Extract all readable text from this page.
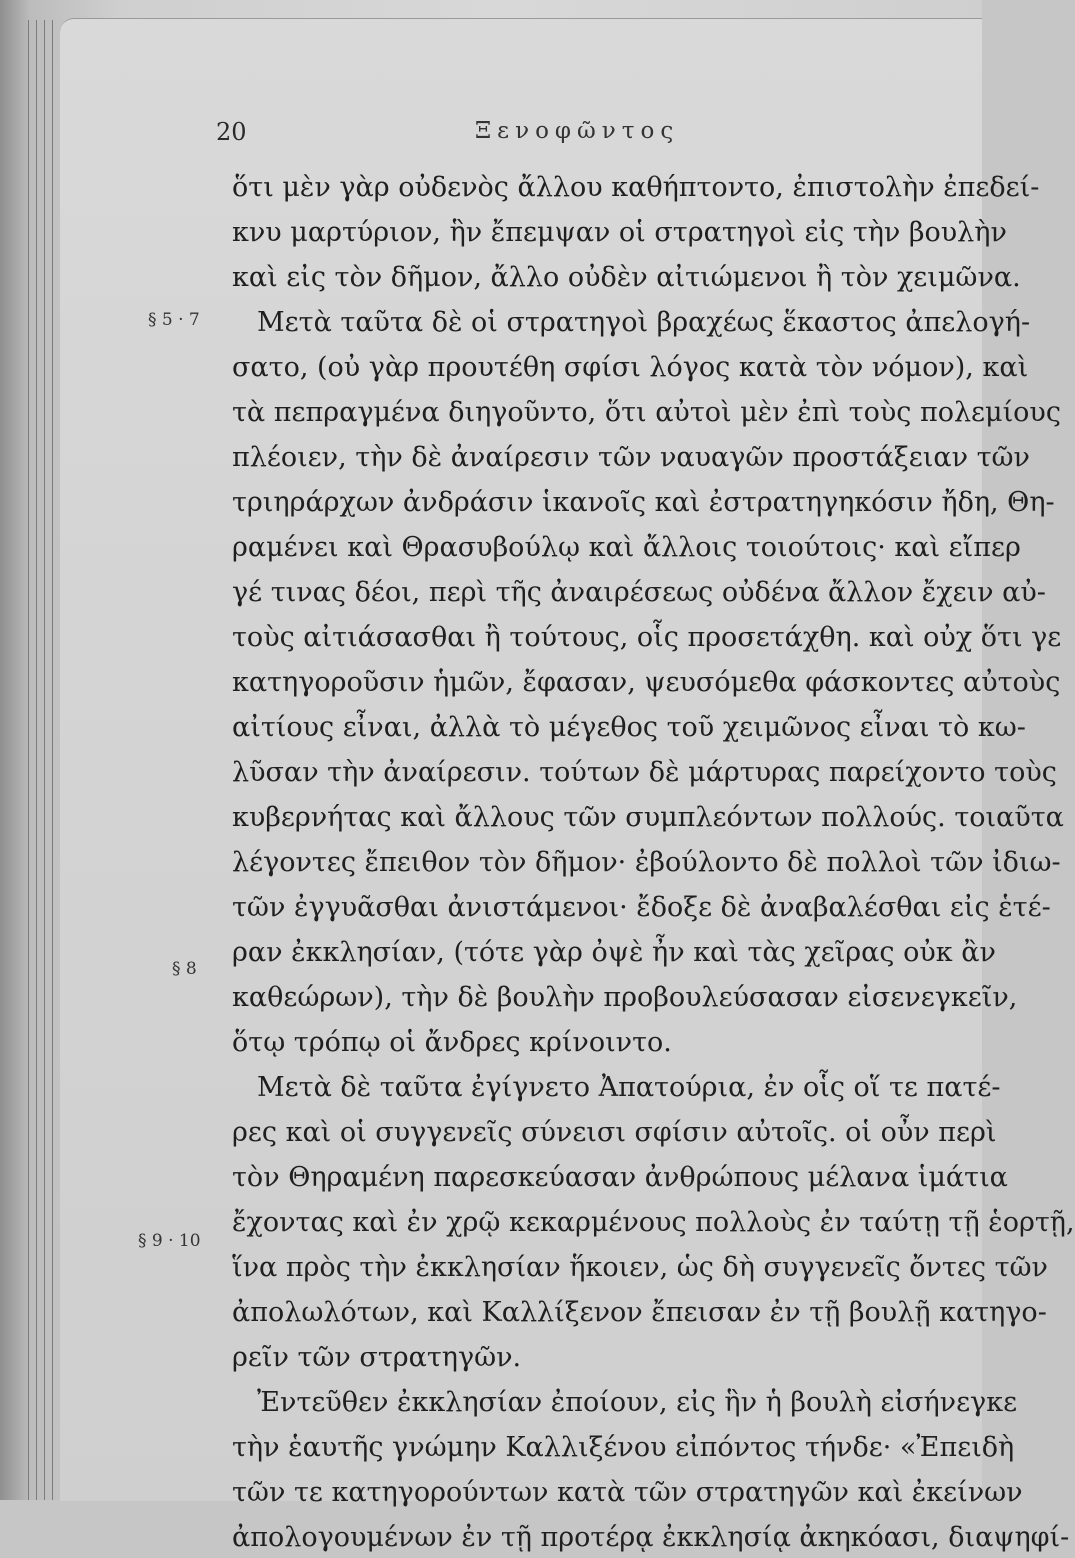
20	Ξενοφῶντος
§ 5 · 7
§ 8
§ 9 · 10
ὅτι μὲν γὰρ οὐδενὸς ἄλλου καθήπτοντο, ἐπιστολὴν ἐπεδεί-
κνυ μαρτύριον, ἣν ἔπεμψαν οἱ στρατηγοὶ εἰς τὴν βουλὴν
καὶ εἰς τὸν δῆμον, ἄλλο οὐδὲν αἰτιώμενοι ἢ τὸν χειμῶνα.
Μετὰ ταῦτα δὲ οἱ στρατηγοὶ βραχέως ἕκαστος ἀπελογή-
σατο, (οὐ γὰρ προυτέθη σφίσι λόγος κατὰ τὸν νόμον), καὶ
τὰ πεπραγμένα διηγοῦντο, ὅτι αὐτοὶ μὲν ἐπὶ τοὺς πολεμίους
πλέοιεν, τὴν δὲ ἀναίρεσιν τῶν ναυαγῶν προστάξειαν τῶν
τριηράρχων ἀνδράσιν ἱκανοῖς καὶ ἐστρατηγηκόσιν ἤδη, Θη-
ραμένει καὶ Θρασυβούλῳ καὶ ἄλλοις τοιούτοις· καὶ εἴπερ
γέ τινας δέοι, περὶ τῆς ἀναιρέσεως οὐδένα ἄλλον ἔχειν αὐ-
τοὺς αἰτιάσασθαι ἢ τούτους, οἷς προσετάχθη. καὶ οὐχ ὅτι γε
κατηγοροῦσιν ἡμῶν, ἔφασαν, ψευσόμεθα φάσκοντες αὐτοὺς
αἰτίους εἶναι, ἀλλὰ τὸ μέγεθος τοῦ χειμῶνος εἶναι τὸ κω-
λῦσαν τὴν ἀναίρεσιν. τούτων δὲ μάρτυρας παρείχοντο τοὺς
κυβερνήτας καὶ ἄλλους τῶν συμπλεόντων πολλούς. τοιαῦτα
λέγοντες ἔπειθον τὸν δῆμον· ἐβούλοντο δὲ πολλοὶ τῶν ἰδιω-
τῶν ἐγγυᾶσθαι ἀνιστάμενοι· ἔδοξε δὲ ἀναβαλέσθαι εἰς ἑτέ-
ραν ἐκκλησίαν, (τότε γὰρ ὀψὲ ἦν καὶ τὰς χεῖρας οὐκ ἂν
καθεώρων), τὴν δὲ βουλὴν προβουλεύσασαν εἰσενεγκεῖν,
ὅτῳ τρόπῳ οἱ ἄνδρες κρίνοιντο.
Μετὰ δὲ ταῦτα ἐγίγνετο Ἀπατούρια, ἐν οἷς οἵ τε πατέ-
ρες καὶ οἱ συγγενεῖς σύνεισι σφίσιν αὐτοῖς. οἱ οὖν περὶ
τὸν Θηραμένη παρεσκεύασαν ἀνθρώπους μέλανα ἱμάτια
ἔχοντας καὶ ἐν χρῷ κεκαρμένους πολλοὺς ἐν ταύτῃ τῇ ἑορτῇ,
ἵνα πρὸς τὴν ἐκκλησίαν ἥκοιεν, ὡς δὴ συγγενεῖς ὄντες τῶν
ἀπολωλότων, καὶ Καλλίξενον ἔπεισαν ἐν τῇ βουλῇ κατηγο-
ρεῖν τῶν στρατηγῶν.
Ἐντεῦθεν ἐκκλησίαν ἐποίουν, εἰς ἣν ἡ βουλὴ εἰσήνεγκε
τὴν ἑαυτῆς γνώμην Καλλιξένου εἰπόντος τήνδε· «Ἐπειδὴ
τῶν τε κατηγορούντων κατὰ τῶν στρατηγῶν καὶ ἐκείνων
ἀπολογουμένων ἐν τῇ προτέρᾳ ἐκκλησίᾳ ἀκηκόασι, διαψηφί-
